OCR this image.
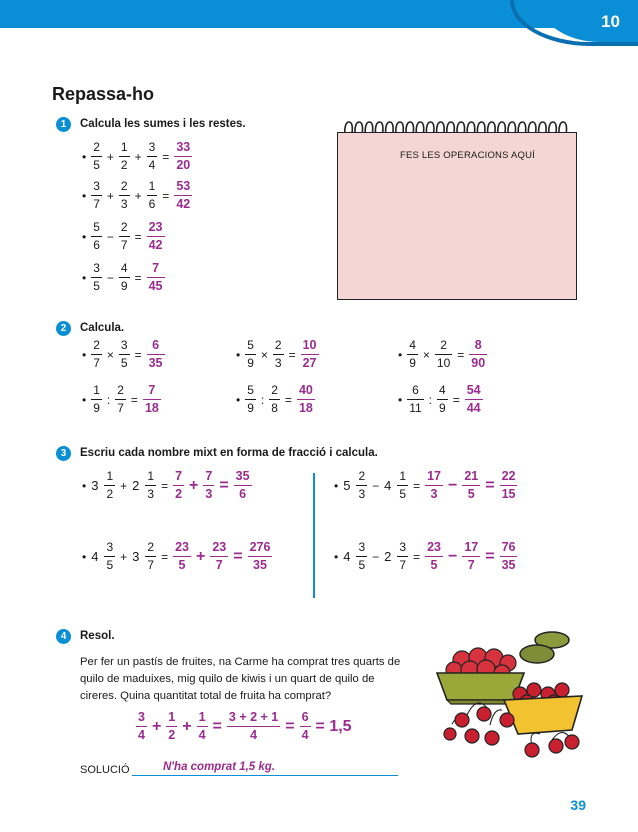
10
Repassa-ho
1	Calcula les sumes i les restes.
• $\frac{2}{5} + \frac{1}{2} + \frac{3}{4} = \frac{33}{20}$
• $\frac{3}{7} + \frac{2}{3} + \frac{1}{6} = \frac{53}{42}$
• $\frac{5}{6} - \frac{2}{7} = \frac{23}{42}$
• $\frac{3}{5} - \frac{4}{9} = \frac{7}{45}$
FES LES OPERACIONS AQUÍ
2	Calcula.
• $\frac{2}{7} \times \frac{3}{5} = \frac{6}{35}$	• $\frac{5}{9} \times \frac{2}{3} = \frac{10}{27}$	• $\frac{4}{9} \times \frac{2}{10} = \frac{8}{90}$
• $\frac{1}{9}$ : $\frac{2}{7} = \frac{7}{18}$	• $\frac{5}{9}$ : $\frac{2}{8} = \frac{40}{18}$	• $\frac{6}{11}$ : $\frac{4}{9} = \frac{54}{44}$
3	Escriu cada nombre mixt en forma de fracció i calcula.
• $3 \frac{1}{2} + 2 \frac{1}{3} = \frac{7}{2} + \frac{7}{3} = \frac{35}{6}$	• $5 \frac{2}{3} - 4 \frac{1}{5} = \frac{17}{3} - \frac{21}{5} = \frac{22}{15}$
• $4 \frac{3}{5} + 3 \frac{2}{7} = \frac{23}{5} + \frac{23}{7} = \frac{276}{35}$	• $4 \frac{3}{5} - 2 \frac{3}{7} = \frac{23}{5} - \frac{17}{7} = \frac{76}{35}$
4	Resol.
Per fer un pastís de fruites, na Carme ha comprat tres quarts de quilo de maduixes, mig quilo de kiwis i un quart de quilo de cireres. Quina quantitat total de fruita ha comprat?
$\frac{3}{4} + \frac{1}{2} + \frac{1}{4} = \frac{3 + 2 + 1}{4} = \frac{6}{4} = 1,5$
SOLUCIÓ	N'ha comprat 1,5 kg.
39
